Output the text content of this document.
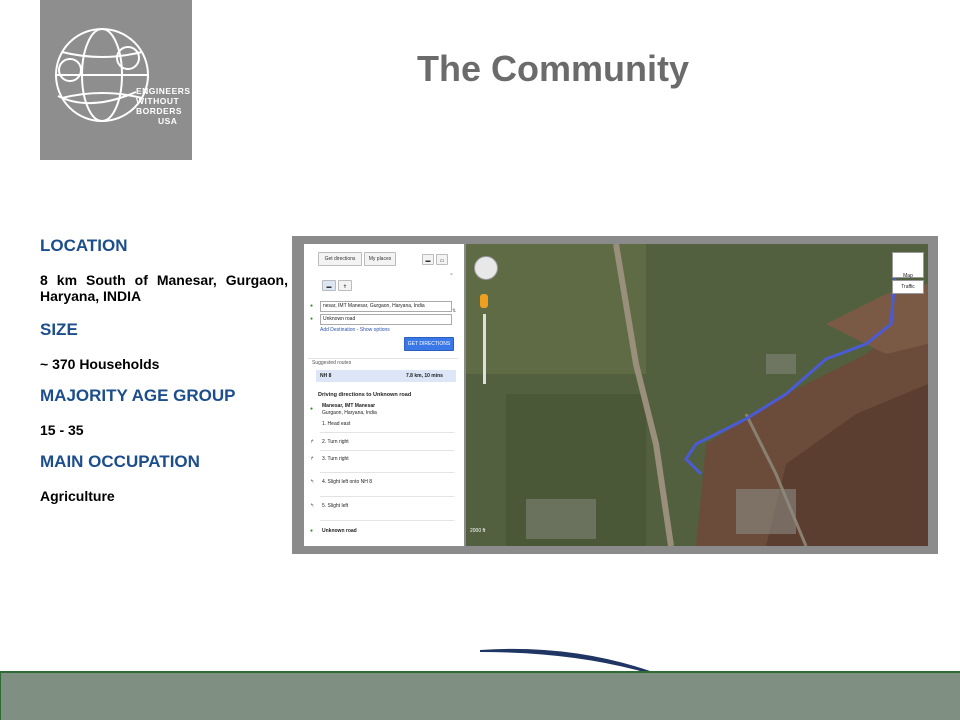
ENGINEERS
WITHOUT
BORDERS
USA
The Community

LOCATION

8 km South of Manesar, Gurgaon, Haryana, INDIA

SIZE

~ 370 Households

MAJORITY AGE GROUP

15 - 35

MAIN OCCUPATION

Agriculture

Get directions	My places	▬	▭
×
▬	✝
●	nesar, IMT Manesar, Gurgaon, Haryana, India
●	Unknown road
⇅
Add Destination - Show options
GET DIRECTIONS
Suggested routes
NH 8	7.8 km, 10 mins
Driving directions to Unknown road
● Manesar, IMT Manesar
Gurgaon, Haryana, India
1. Head east
↱ 2. Turn right
↱ 3. Turn right
↰ 4. Slight left onto NH 8
↰ 5. Slight left
● Unknown road
Map
Traffic
2000 ft
